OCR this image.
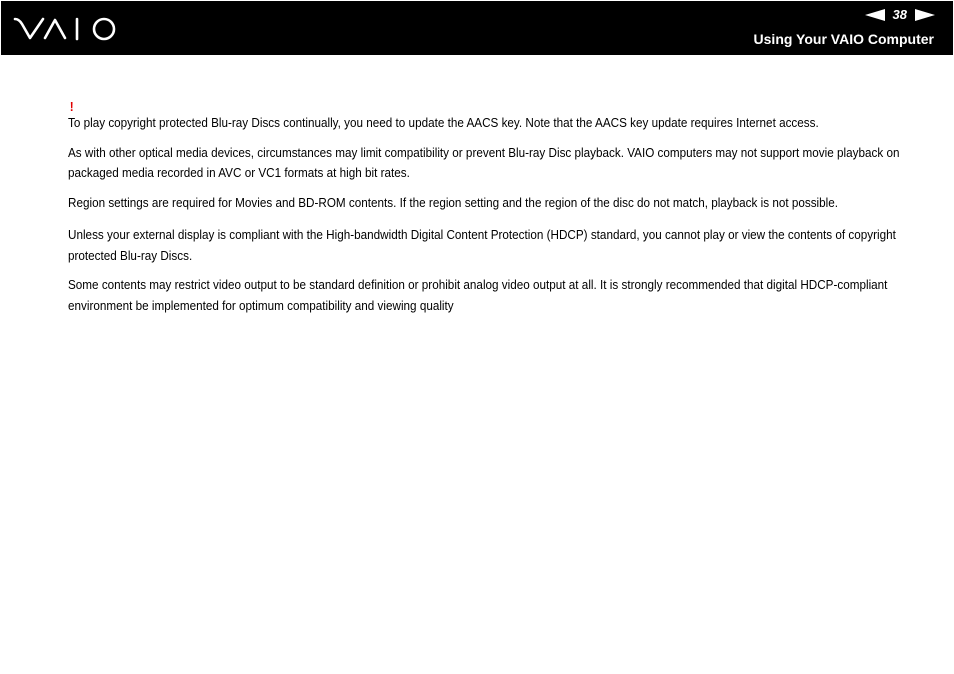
38
Using Your VAIO Computer
!

To play copyright protected Blu-ray Discs continually, you need to update the AACS key. Note that the AACS key update requires Internet access.

As with other optical media devices, circumstances may limit compatibility or prevent Blu-ray Disc playback. VAIO computers may not support movie playback on packaged media recorded in AVC or VC1 formats at high bit rates.

Region settings are required for Movies and BD-ROM contents. If the region setting and the region of the disc do not match, playback is not possible.

Unless your external display is compliant with the High-bandwidth Digital Content Protection (HDCP) standard, you cannot play or view the contents of copyright protected Blu-ray Discs.

Some contents may restrict video output to be standard definition or prohibit analog video output at all. It is strongly recommended that digital HDCP-compliant environment be implemented for optimum compatibility and viewing quality
